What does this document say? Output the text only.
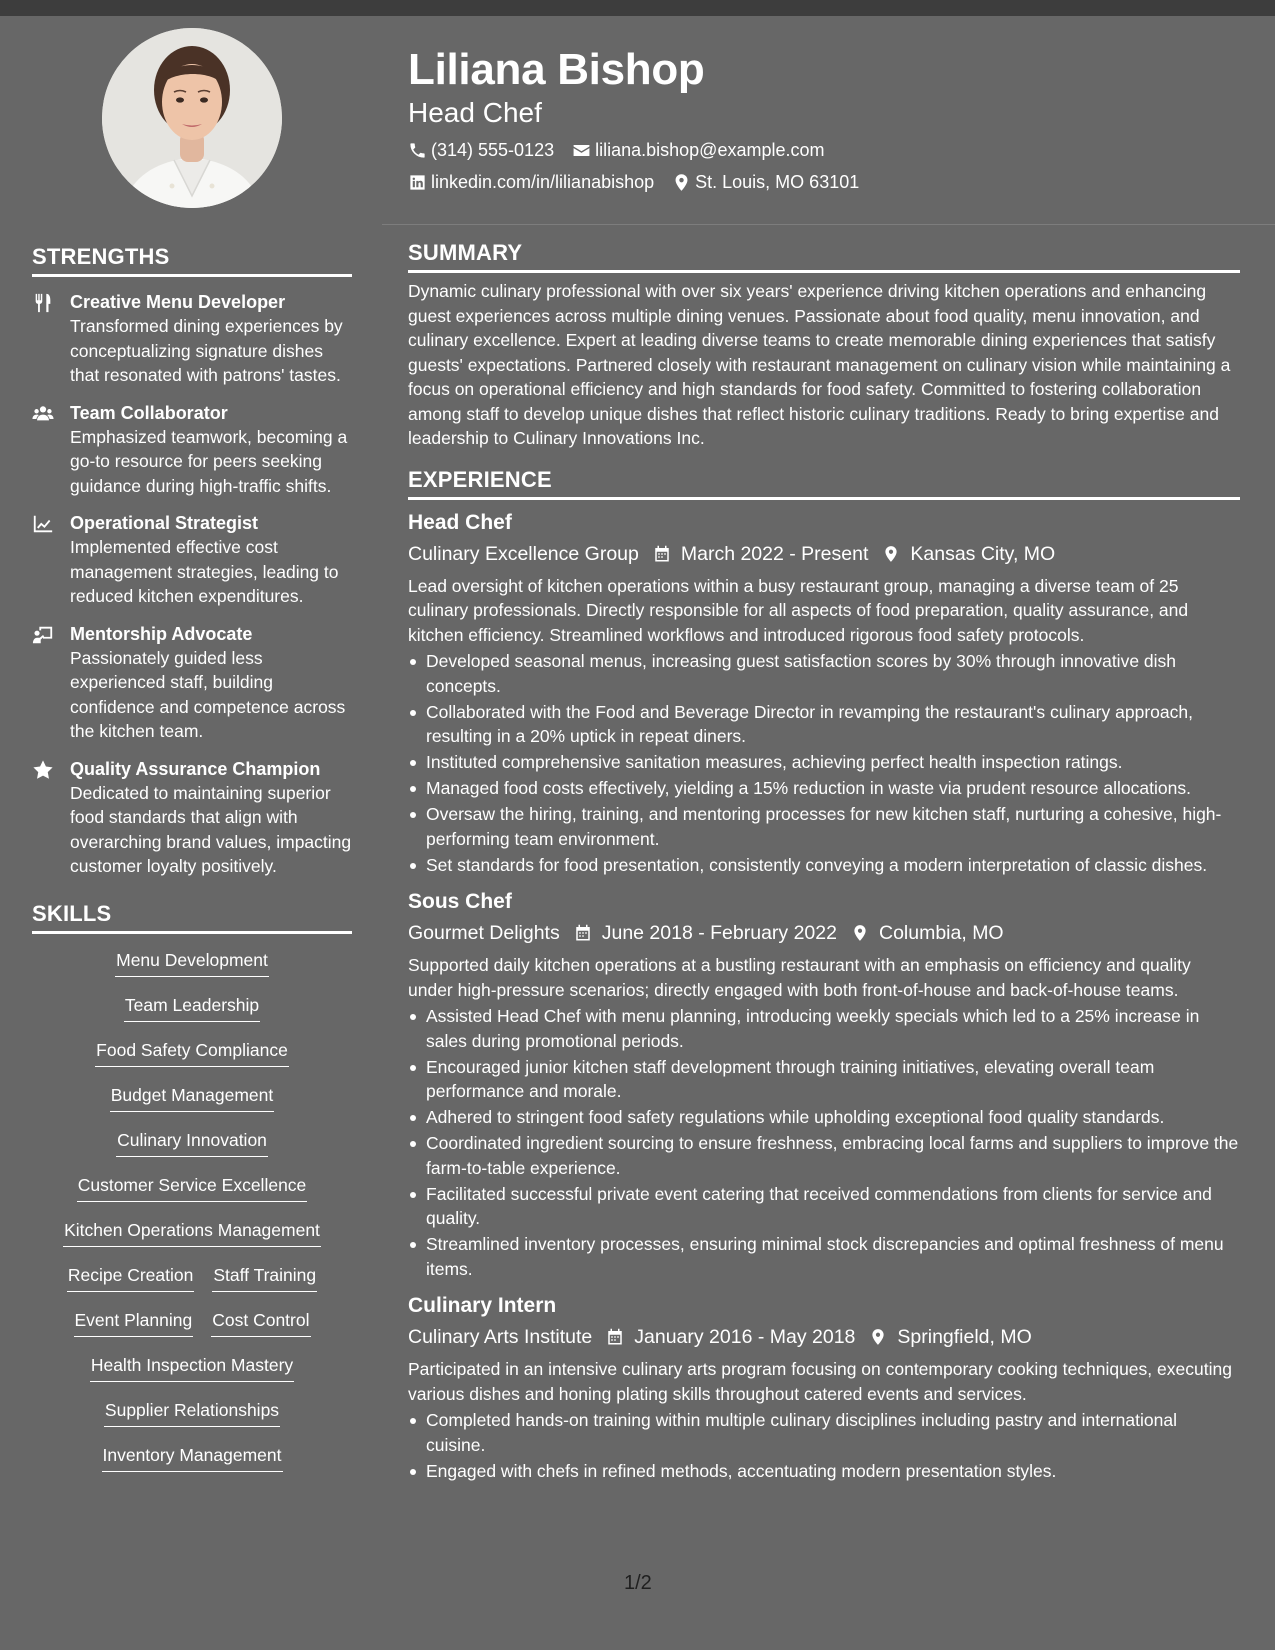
STRENGTHS
Creative Menu Developer
Transformed dining experiences by conceptualizing signature dishes that resonated with patrons' tastes.
Team Collaborator
Emphasized teamwork, becoming a go-to resource for peers seeking guidance during high-traffic shifts.
Operational Strategist
Implemented effective cost management strategies, leading to reduced kitchen expenditures.
Mentorship Advocate
Passionately guided less experienced staff, building confidence and competence across the kitchen team.
Quality Assurance Champion
Dedicated to maintaining superior food standards that align with overarching brand values, impacting customer loyalty positively.
SKILLS
Menu Development
Team Leadership
Food Safety Compliance
Budget Management
Culinary Innovation
Customer Service Excellence
Kitchen Operations Management
Recipe Creation Staff Training
Event Planning Cost Control
Health Inspection Mastery
Supplier Relationships
Inventory Management
Liliana Bishop
Head Chef
(314) 555-0123 liliana.bishop@example.com
linkedin.com/in/lilianabishop St. Louis, MO 63101
SUMMARY

Dynamic culinary professional with over six years' experience driving kitchen operations and enhancing guest experiences across multiple dining venues. Passionate about food quality, menu innovation, and culinary excellence. Expert at leading diverse teams to create memorable dining experiences that satisfy guests' expectations. Partnered closely with restaurant management on culinary vision while maintaining a focus on operational efficiency and high standards for food safety. Committed to fostering collaboration among staff to develop unique dishes that reflect historic culinary traditions. Ready to bring expertise and leadership to Culinary Innovations Inc.

EXPERIENCE
Head Chef
Culinary Excellence Group March 2022 - Present Kansas City, MO

Lead oversight of kitchen operations within a busy restaurant group, managing a diverse team of 25 culinary professionals. Directly responsible for all aspects of food preparation, quality assurance, and kitchen efficiency. Streamlined workflows and introduced rigorous food safety protocols.

Developed seasonal menus, increasing guest satisfaction scores by 30% through innovative dish concepts.
Collaborated with the Food and Beverage Director in revamping the restaurant's culinary approach, resulting in a 20% uptick in repeat diners.
Instituted comprehensive sanitation measures, achieving perfect health inspection ratings.
Managed food costs effectively, yielding a 15% reduction in waste via prudent resource allocations.
Oversaw the hiring, training, and mentoring processes for new kitchen staff, nurturing a cohesive, high-performing team environment.
Set standards for food presentation, consistently conveying a modern interpretation of classic dishes.
Sous Chef
Gourmet Delights June 2018 - February 2022 Columbia, MO

Supported daily kitchen operations at a bustling restaurant with an emphasis on efficiency and quality under high-pressure scenarios; directly engaged with both front-of-house and back-of-house teams.

Assisted Head Chef with menu planning, introducing weekly specials which led to a 25% increase in sales during promotional periods.
Encouraged junior kitchen staff development through training initiatives, elevating overall team performance and morale.
Adhered to stringent food safety regulations while upholding exceptional food quality standards.
Coordinated ingredient sourcing to ensure freshness, embracing local farms and suppliers to improve the farm-to-table experience.
Facilitated successful private event catering that received commendations from clients for service and quality.
Streamlined inventory processes, ensuring minimal stock discrepancies and optimal freshness of menu items.
Culinary Intern
Culinary Arts Institute January 2016 - May 2018 Springfield, MO

Participated in an intensive culinary arts program focusing on contemporary cooking techniques, executing various dishes and honing plating skills throughout catered events and services.

Completed hands-on training within multiple culinary disciplines including pastry and international cuisine.
Engaged with chefs in refined methods, accentuating modern presentation styles.
1/2
